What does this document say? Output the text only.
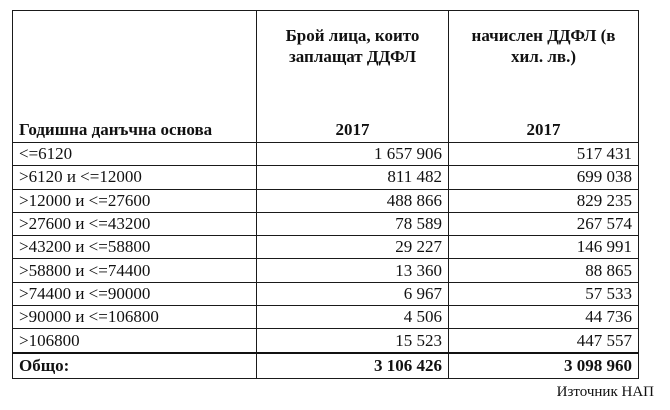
	Брой лица, които заплащат ДДФЛ	начислен ДДФЛ (в хил. лв.)
Годишна данъчна основа	2017	2017
<=6120	1 657 906	517 431
>6120 и <=12000	811 482	699 038
>12000 и <=27600	488 866	829 235
>27600 и <=43200	78 589	267 574
>43200 и <=58800	29 227	146 991
>58800 и <=74400	13 360	88 865
>74400 и <=90000	6 967	57 533
>90000 и <=106800	4 506	44 736
>106800	15 523	447 557
Общо:	3 106 426	3 098 960
Източник НАП
